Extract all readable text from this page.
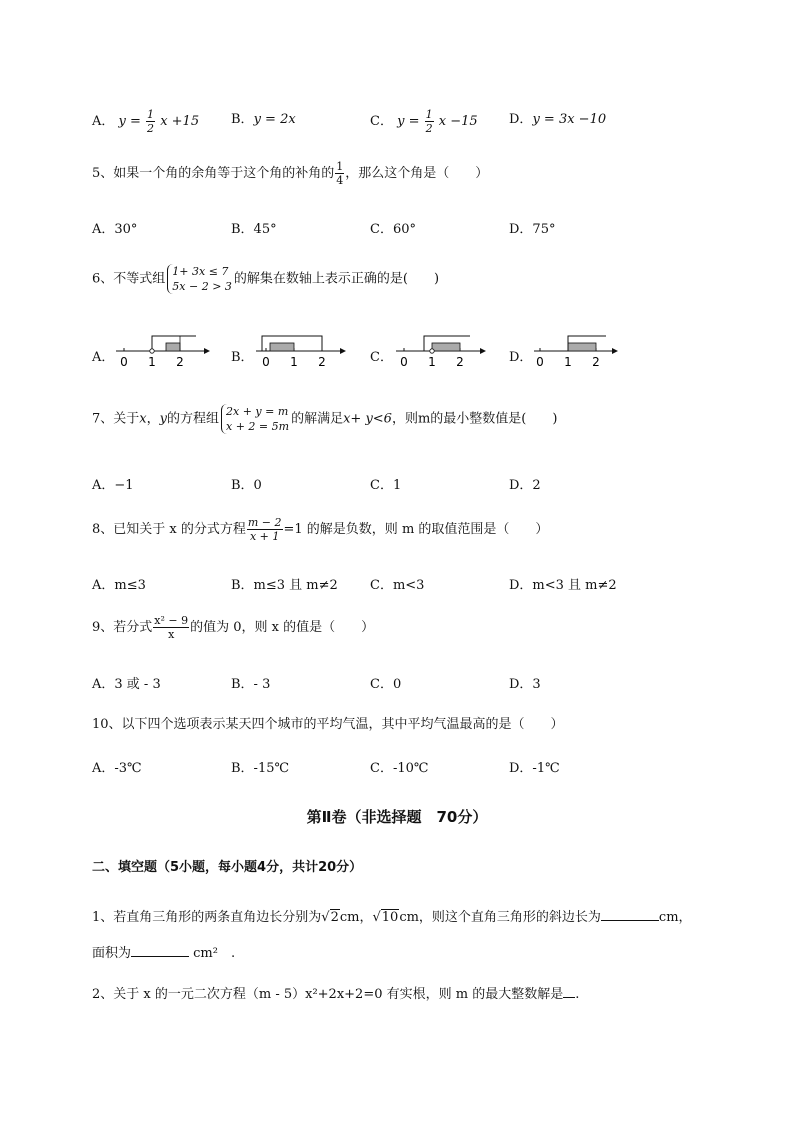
A． $y = \frac{1}{2}$ x +15 B．y = 2x	C． $y = \frac{1}{2}$ x −15 D．y = 3x −10
5、如果一个角的余角等于这个角的补角的 $\frac{1}{4}$ ，那么这个角是（　　）
A．30°	B．45°	C．60°	D．75°
6、不等式组 1+ 3x ≤ 7
5x − 2 > 3 的解集在数轴上表示正确的是(　　)
A． 0 1 2	B． 0 1 2	C． 0 1 2	D． 0 1 2
7、关于x，y的方程组 2x + y = m
x + 2 = 5m 的解满足x+ y<6，则m的最小整数值是(　　)
A．−1	B．0	C．1	D．2
8、已知关于 x 的分式方程 $\frac{m - 2}{x + 1} =1$ 的解是负数，则 m 的取值范围是（　　）
A．m≤3	B．m≤3 且 m≠2 C．m<3	D．m<3 且 m≠2
9、若分式 $\frac{\text{x² − 9}}{x}$ 的值为 0，则 x 的值是（　　）
A．3 或 - 3	B．- 3	C．0	D．3
10、以下四个选项表示某天四个城市的平均气温，其中平均气温最高的是（　　）
A．-3℃	B．-15℃	C．-10℃	D．-1℃
第Ⅱ卷（非选择题　70分）
二、填空题（5小题，每小题4分，共计20分）
1、若直角三角形的两条直角边长分别为√2cm，√10cm，则这个直角三角形的斜边长为	cm，
面积为	cm²　.
2、关于 x 的一元二次方程（m - 5）x²+2x+2=0 有实根，则 m 的最大整数解是 .
